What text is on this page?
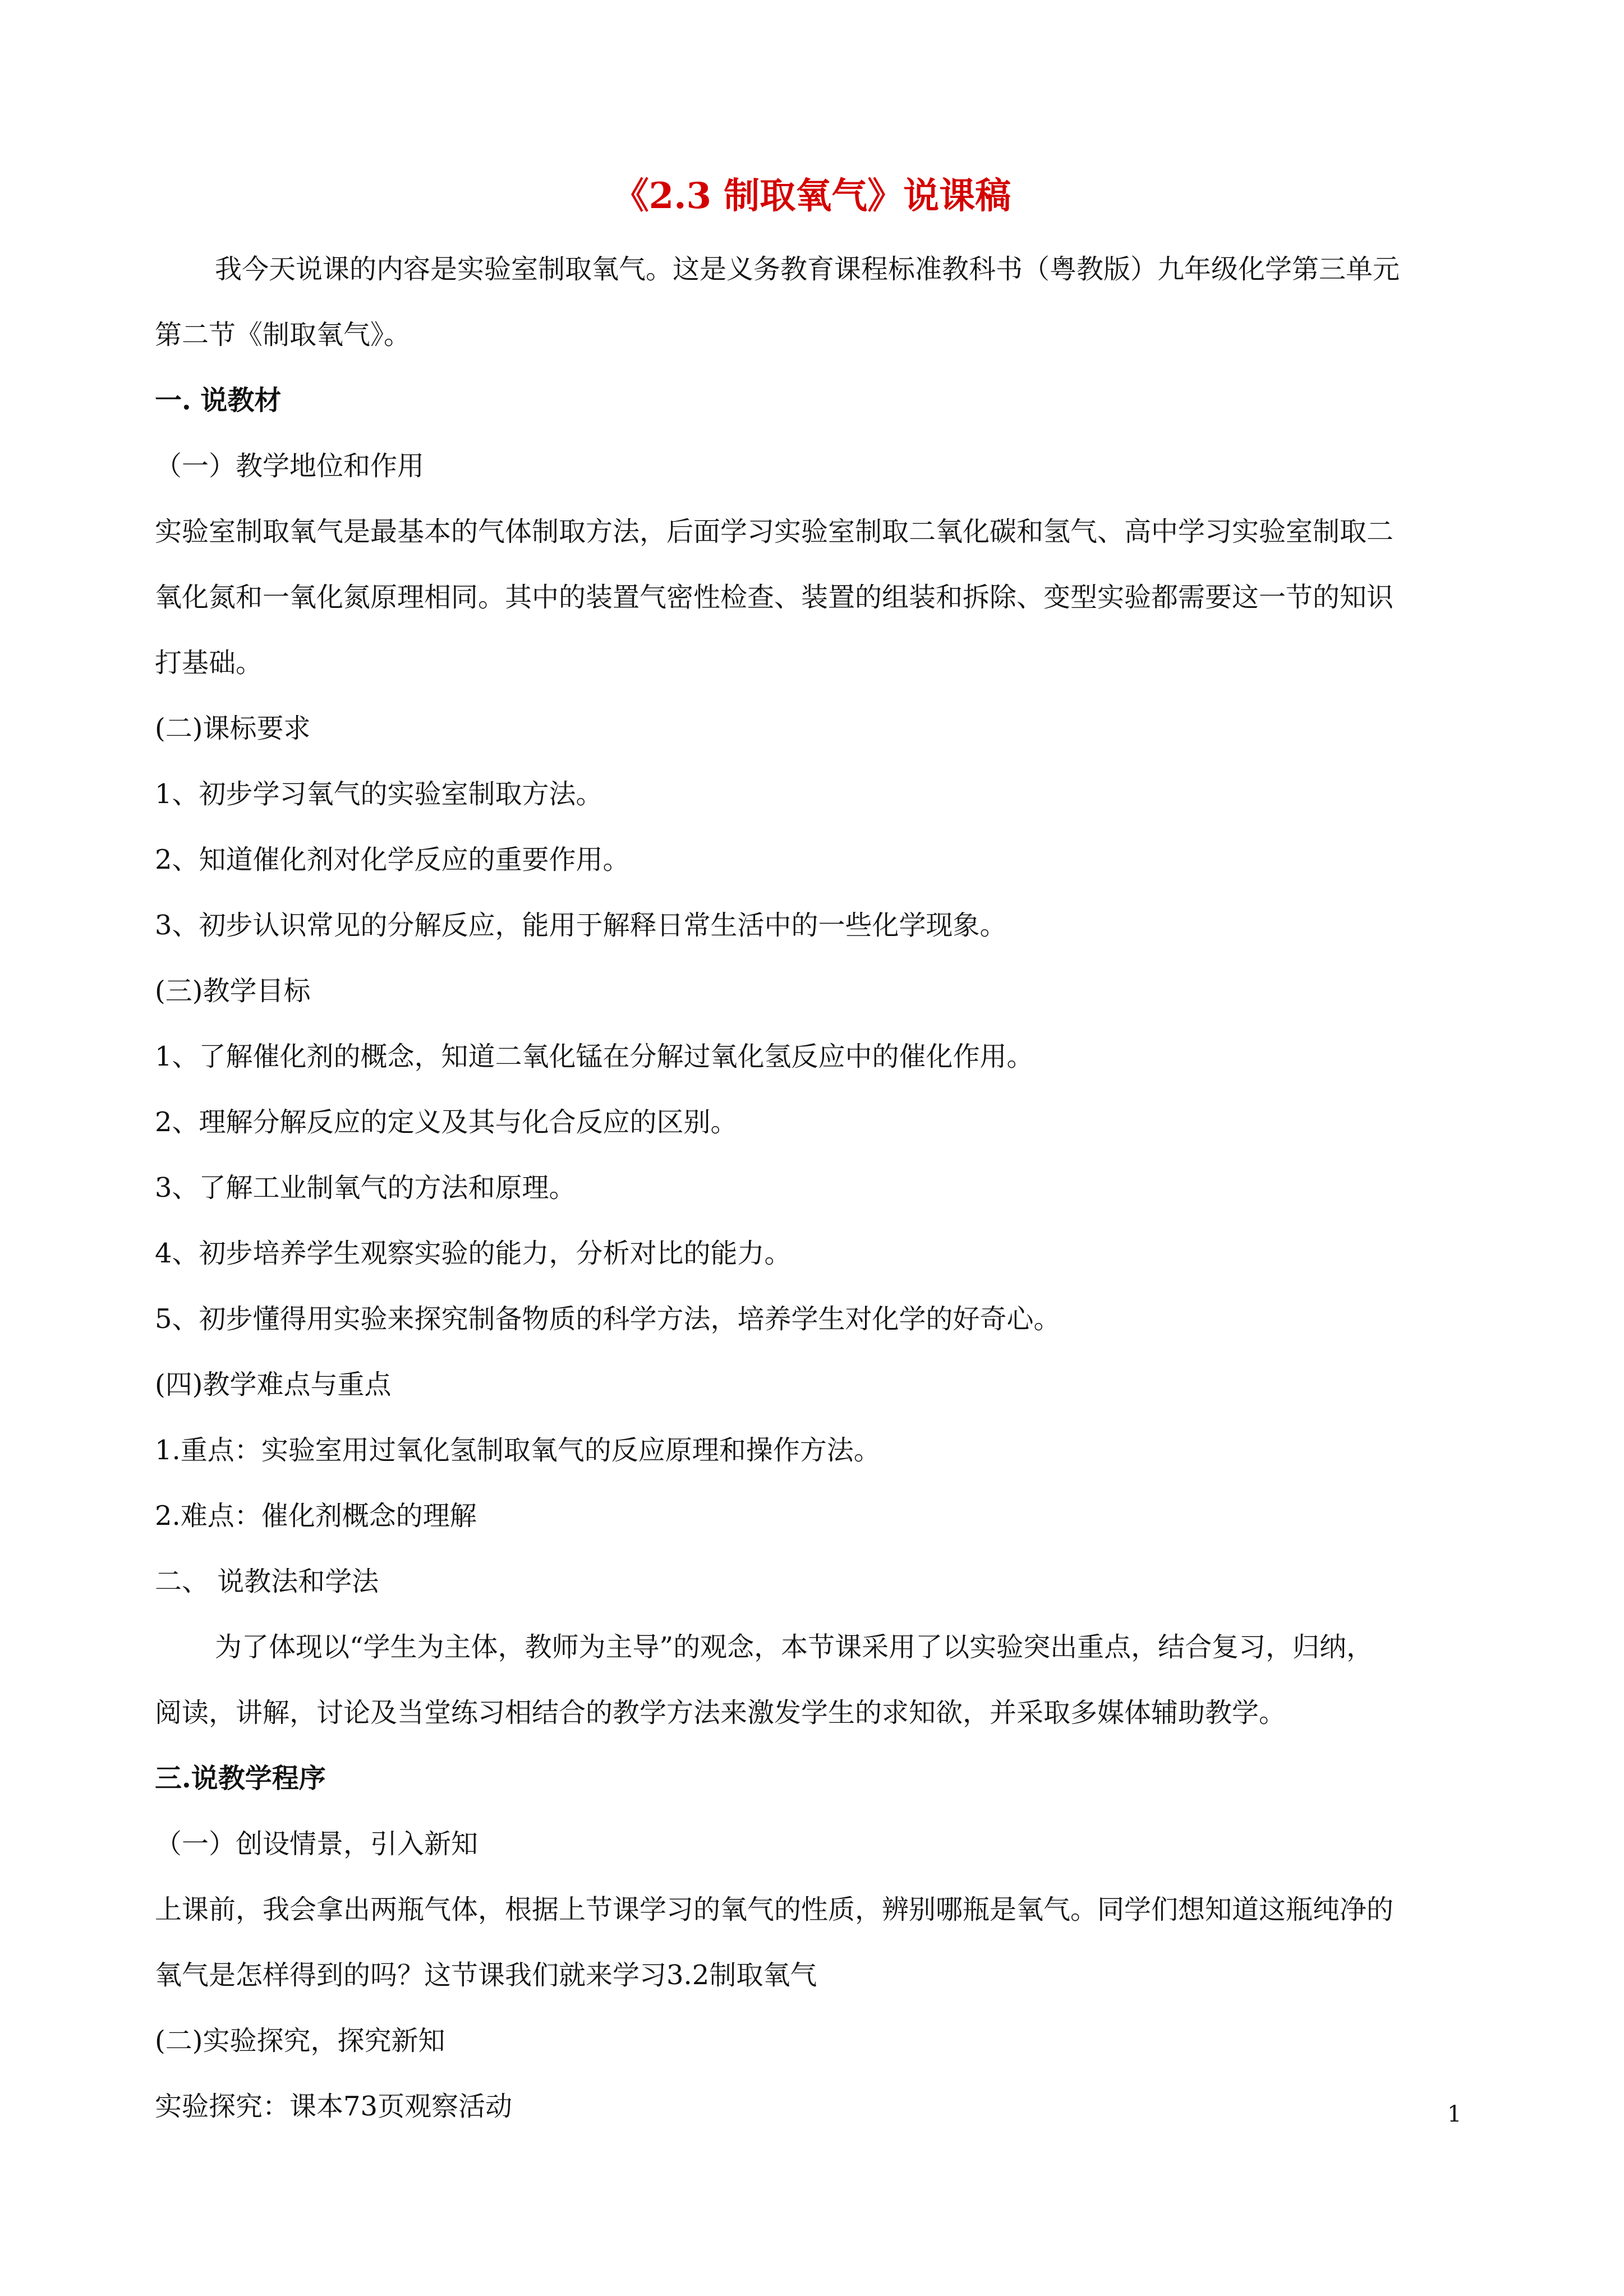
《2.3 制取氧气》说课稿
我今天说课的内容是实验室制取氧气。这是义务教育课程标准教科书（粤教版）九年级化学第三单元
第二节《制取氧气》。
一. 说教材
（一）教学地位和作用
实验室制取氧气是最基本的气体制取方法，后面学习实验室制取二氧化碳和氢气、高中学习实验室制取二
氧化氮和一氧化氮原理相同。其中的装置气密性检查、装置的组装和拆除、变型实验都需要这一节的知识
打基础。
(二)课标要求
1、初步学习氧气的实验室制取方法。
2、知道催化剂对化学反应的重要作用。
3、初步认识常见的分解反应，能用于解释日常生活中的一些化学现象。
(三)教学目标
1、了解催化剂的概念，知道二氧化锰在分解过氧化氢反应中的催化作用。
2、理解分解反应的定义及其与化合反应的区别。
3、了解工业制氧气的方法和原理。
4、初步培养学生观察实验的能力，分析对比的能力。
5、初步懂得用实验来探究制备物质的科学方法，培养学生对化学的好奇心。
(四)教学难点与重点
1.重点：实验室用过氧化氢制取氧气的反应原理和操作方法。
2.难点：催化剂概念的理解
二、 说教法和学法
为了体现以“学生为主体，教师为主导”的观念，本节课采用了以实验突出重点，结合复习，归纳，
阅读，讲解，讨论及当堂练习相结合的教学方法来激发学生的求知欲，并采取多媒体辅助教学。
三.说教学程序
（一）创设情景，引入新知
上课前，我会拿出两瓶气体，根据上节课学习的氧气的性质，辨别哪瓶是氧气。同学们想知道这瓶纯净的
氧气是怎样得到的吗？这节课我们就来学习3.2制取氧气
(二)实验探究，探究新知
实验探究：课本73页观察活动	1
